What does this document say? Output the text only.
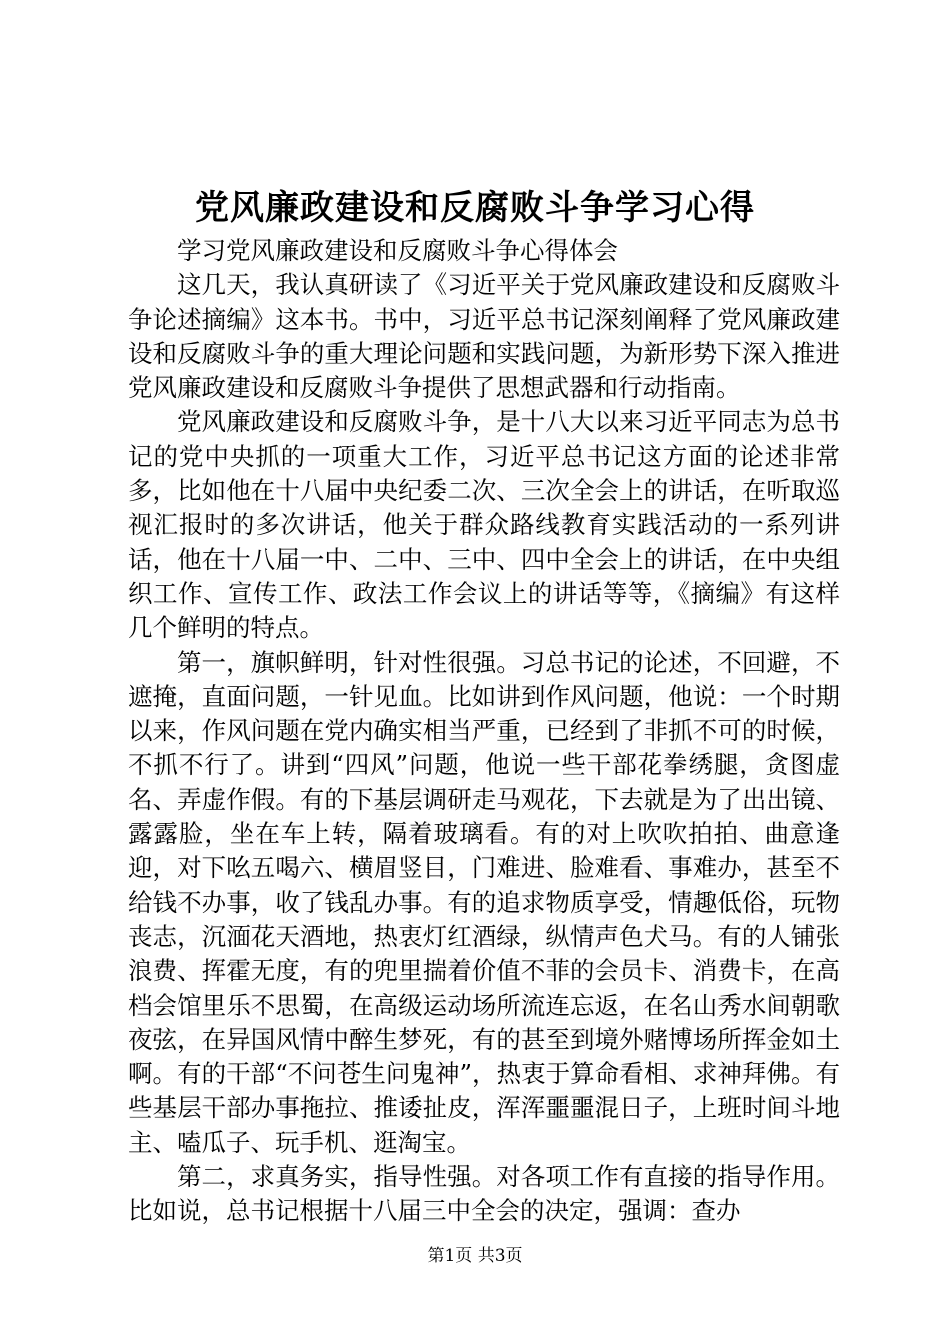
党风廉政建设和反腐败斗争学习心得

学习党风廉政建设和反腐败斗争心得体会

这几天，我认真研读了《习近平关于党风廉政建设和反腐败斗争论述摘编》这本书。书中，习近平总书记深刻阐释了党风廉政建设和反腐败斗争的重大理论问题和实践问题，为新形势下深入推进党风廉政建设和反腐败斗争提供了思想武器和行动指南。

党风廉政建设和反腐败斗争，是十八大以来习近平同志为总书记的党中央抓的一项重大工作，习近平总书记这方面的论述非常多，比如他在十八届中央纪委二次、三次全会上的讲话，在听取巡视汇报时的多次讲话，他关于群众路线教育实践活动的一系列讲话，他在十八届一中、二中、三中、四中全会上的讲话，在中央组织工作、宣传工作、政法工作会议上的讲话等等，《摘编》有这样几个鲜明的特点。

第一，旗帜鲜明，针对性很强。习总书记的论述，不回避，不遮掩，直面问题，一针见血。比如讲到作风问题，他说：一个时期以来，作风问题在党内确实相当严重，已经到了非抓不可的时候，不抓不行了。讲到“四风”问题，他说一些干部花拳绣腿，贪图虚名、弄虚作假。有的下基层调研走马观花，下去就是为了出出镜、露露脸，坐在车上转，隔着玻璃看。有的对上吹吹拍拍、曲意逢迎，对下吆五喝六、横眉竖目，门难进、脸难看、事难办，甚至不给钱不办事，收了钱乱办事。有的追求物质享受，情趣低俗，玩物丧志，沉湎花天酒地，热衷灯红酒绿，纵情声色犬马。有的人铺张浪费、挥霍无度，有的兜里揣着价值不菲的会员卡、消费卡，在高档会馆里乐不思蜀，在高级运动场所流连忘返，在名山秀水间朝歌夜弦，在异国风情中醉生梦死，有的甚至到境外赌博场所挥金如土啊。有的干部“不问苍生问鬼神”，热衷于算命看相、求神拜佛。有些基层干部办事拖拉、推诿扯皮，浑浑噩噩混日子，上班时间斗地主、嗑瓜子、玩手机、逛淘宝。

第二，求真务实，指导性强。对各项工作有直接的指导作用。比如说，总书记根据十八届三中全会的决定，强调：查办

第1页 共3页
